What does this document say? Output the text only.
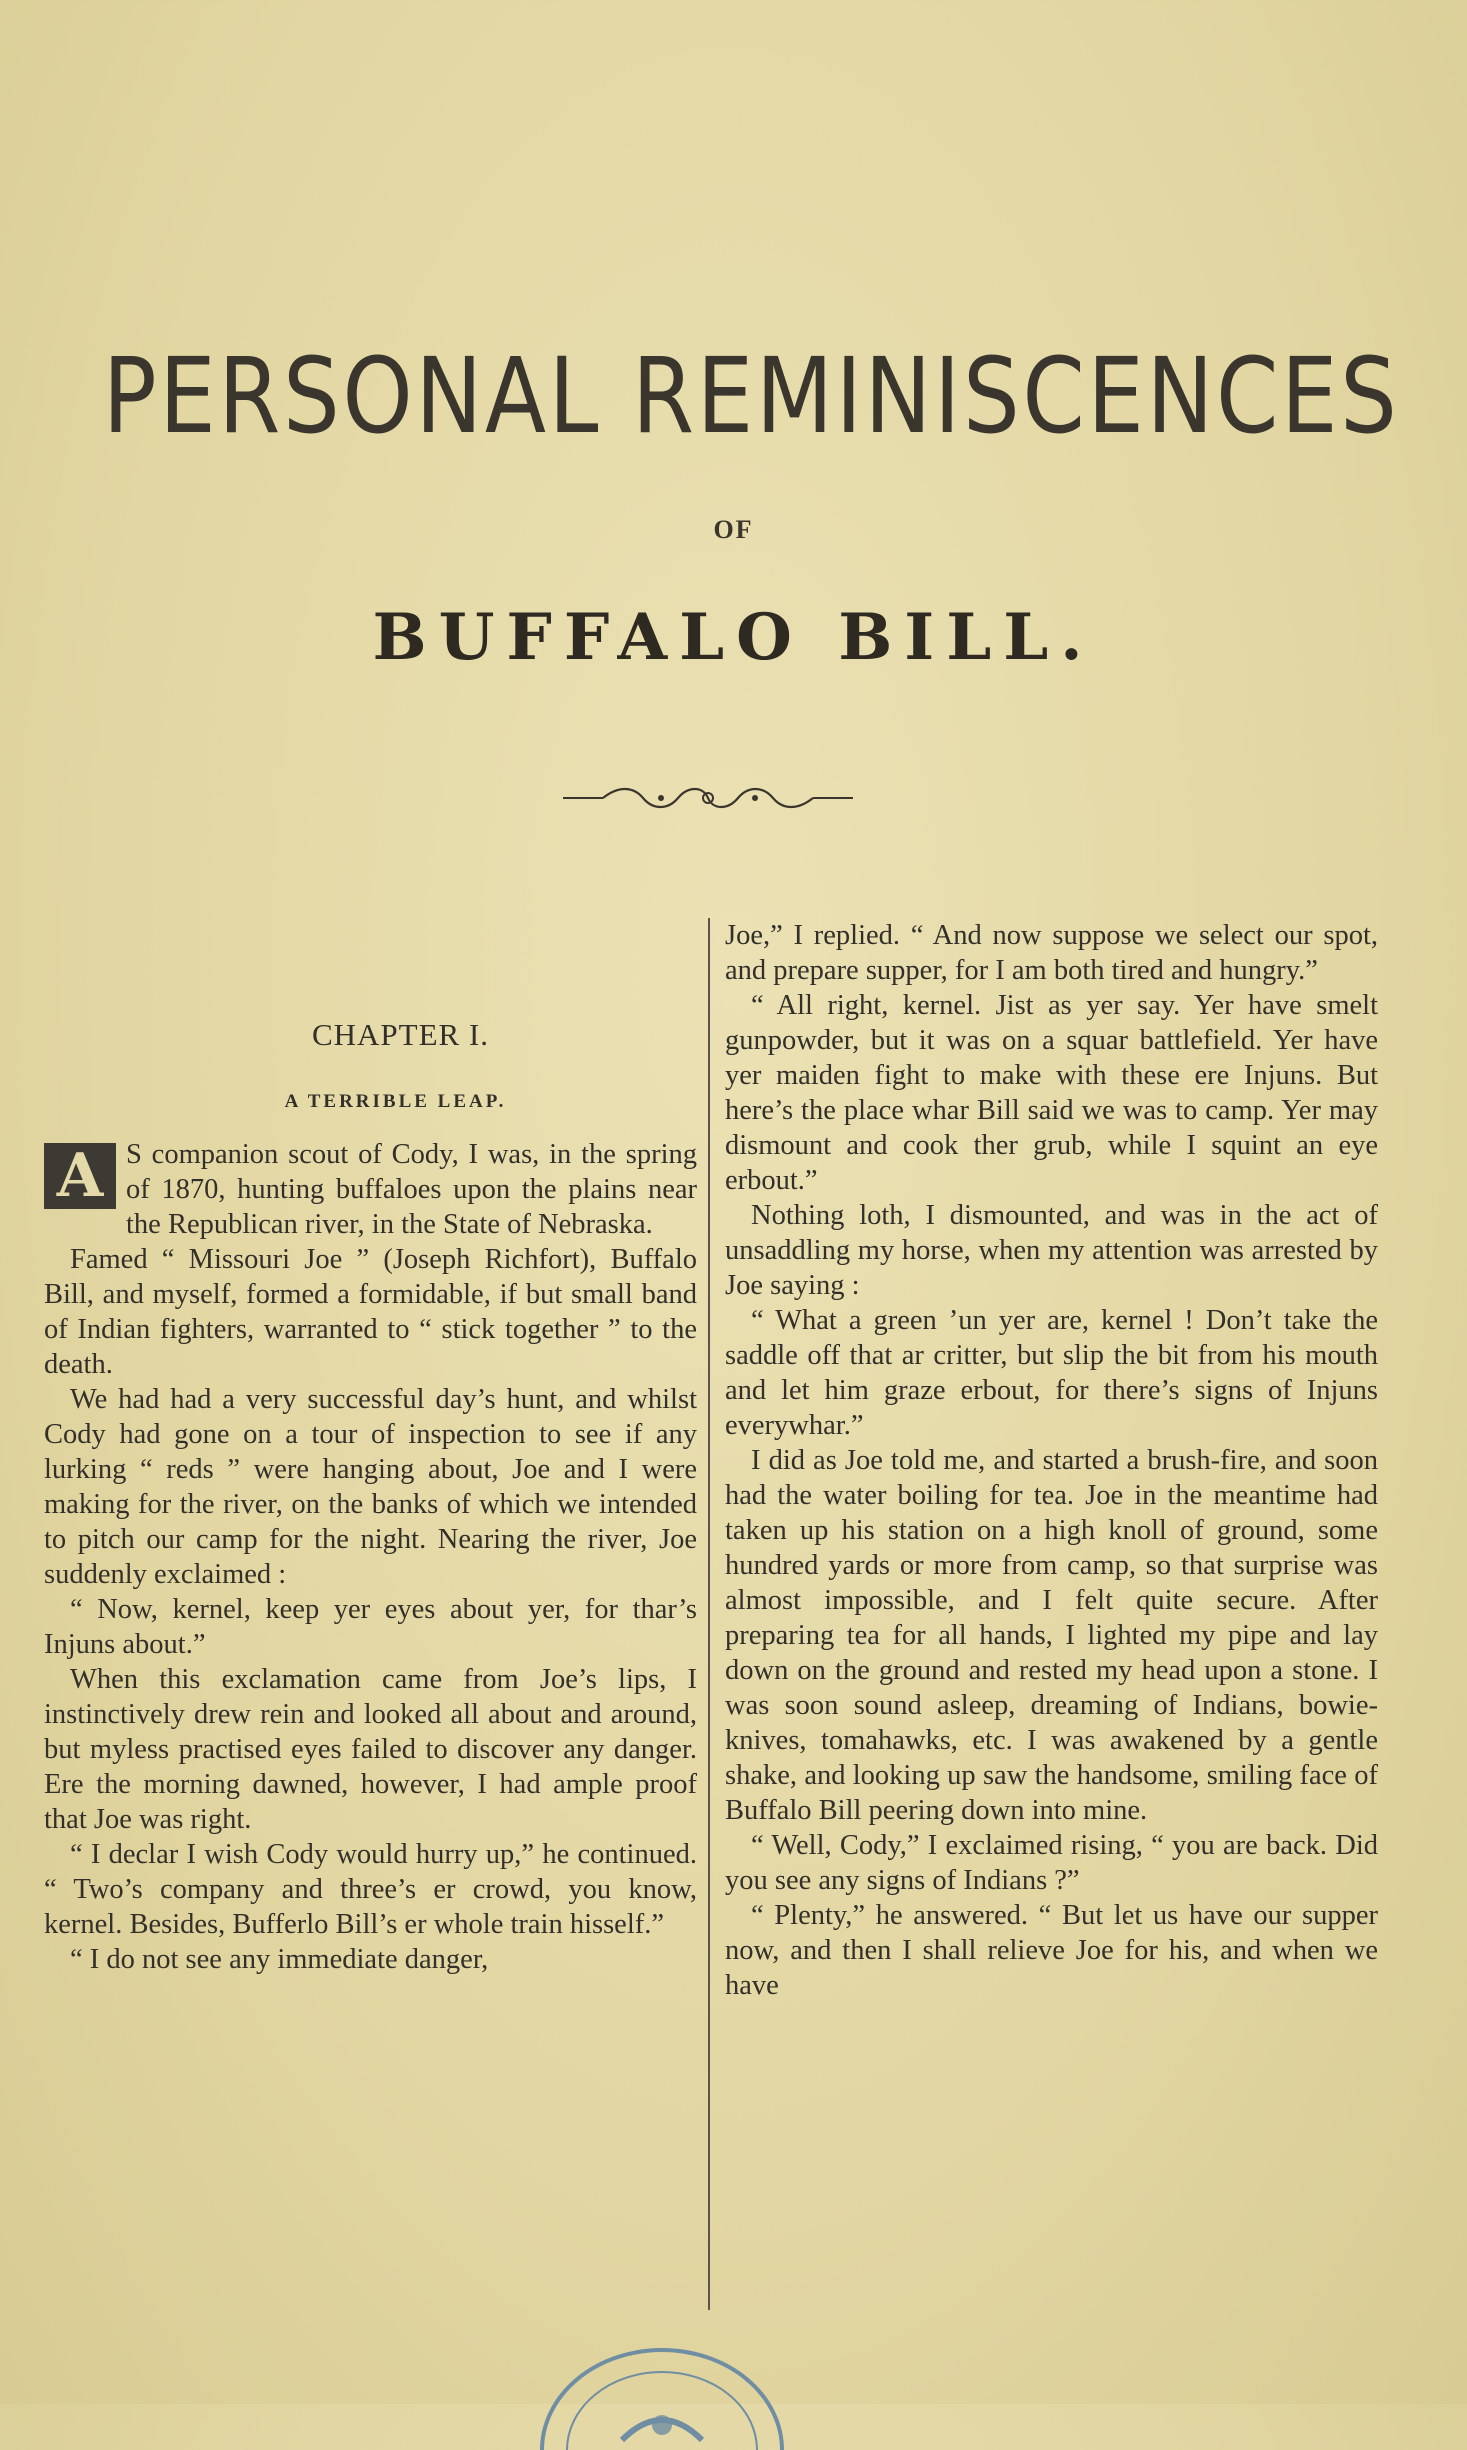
PERSONAL REMINISCENCES
OF
BUFFALO BILL.
CHAPTER I.
A TERRIBLE LEAP.
A S companion scout of Cody, I was, in the spring of 1870, hunting buffaloes upon the plains near the Republican river, in the State of Nebraska.

Famed “ Missouri Joe ” (Joseph Richfort), Buffalo Bill, and myself, formed a formidable, if but small band of Indian fighters, warranted to “ stick together ” to the death.

We had had a very successful day’s hunt, and whilst Cody had gone on a tour of inspection to see if any lurking “ reds ” were hanging about, Joe and I were making for the river, on the banks of which we intended to pitch our camp for the night. Nearing the river, Joe suddenly exclaimed :

“ Now, kernel, keep yer eyes about yer, for thar’s Injuns about.”

When this exclamation came from Joe’s lips, I instinctively drew rein and looked all about and around, but myless practised eyes failed to discover any danger. Ere the morning dawned, however, I had ample proof that Joe was right.

“ I declar I wish Cody would hurry up,” he continued. “ Two’s company and three’s er crowd, you know, kernel. Besides, Bufferlo Bill’s er whole train hisself.”

“ I do not see any immediate danger,

Joe,” I replied. “ And now suppose we select our spot, and prepare supper, for I am both tired and hungry.”

“ All right, kernel. Jist as yer say. Yer have smelt gunpowder, but it was on a squar battlefield. Yer have yer maiden fight to make with these ere Injuns. But here’s the place whar Bill said we was to camp. Yer may dismount and cook ther grub, while I squint an eye erbout.”

Nothing loth, I dismounted, and was in the act of unsaddling my horse, when my attention was arrested by Joe saying :

“ What a green ’un yer are, kernel ! Don’t take the saddle off that ar critter, but slip the bit from his mouth and let him graze erbout, for there’s signs of Injuns everywhar.”

I did as Joe told me, and started a brush-fire, and soon had the water boiling for tea. Joe in the meantime had taken up his station on a high knoll of ground, some hundred yards or more from camp, so that surprise was almost impossible, and I felt quite secure. After preparing tea for all hands, I lighted my pipe and lay down on the ground and rested my head upon a stone. I was soon sound asleep, dreaming of Indians, bowie-knives, tomahawks, etc. I was awakened by a gentle shake, and looking up saw the handsome, smiling face of Buffalo Bill peering down into mine.

“ Well, Cody,” I exclaimed rising, “ you are back. Did you see any signs of Indians ?”

“ Plenty,” he answered. “ But let us have our supper now, and then I shall relieve Joe for his, and when we have
